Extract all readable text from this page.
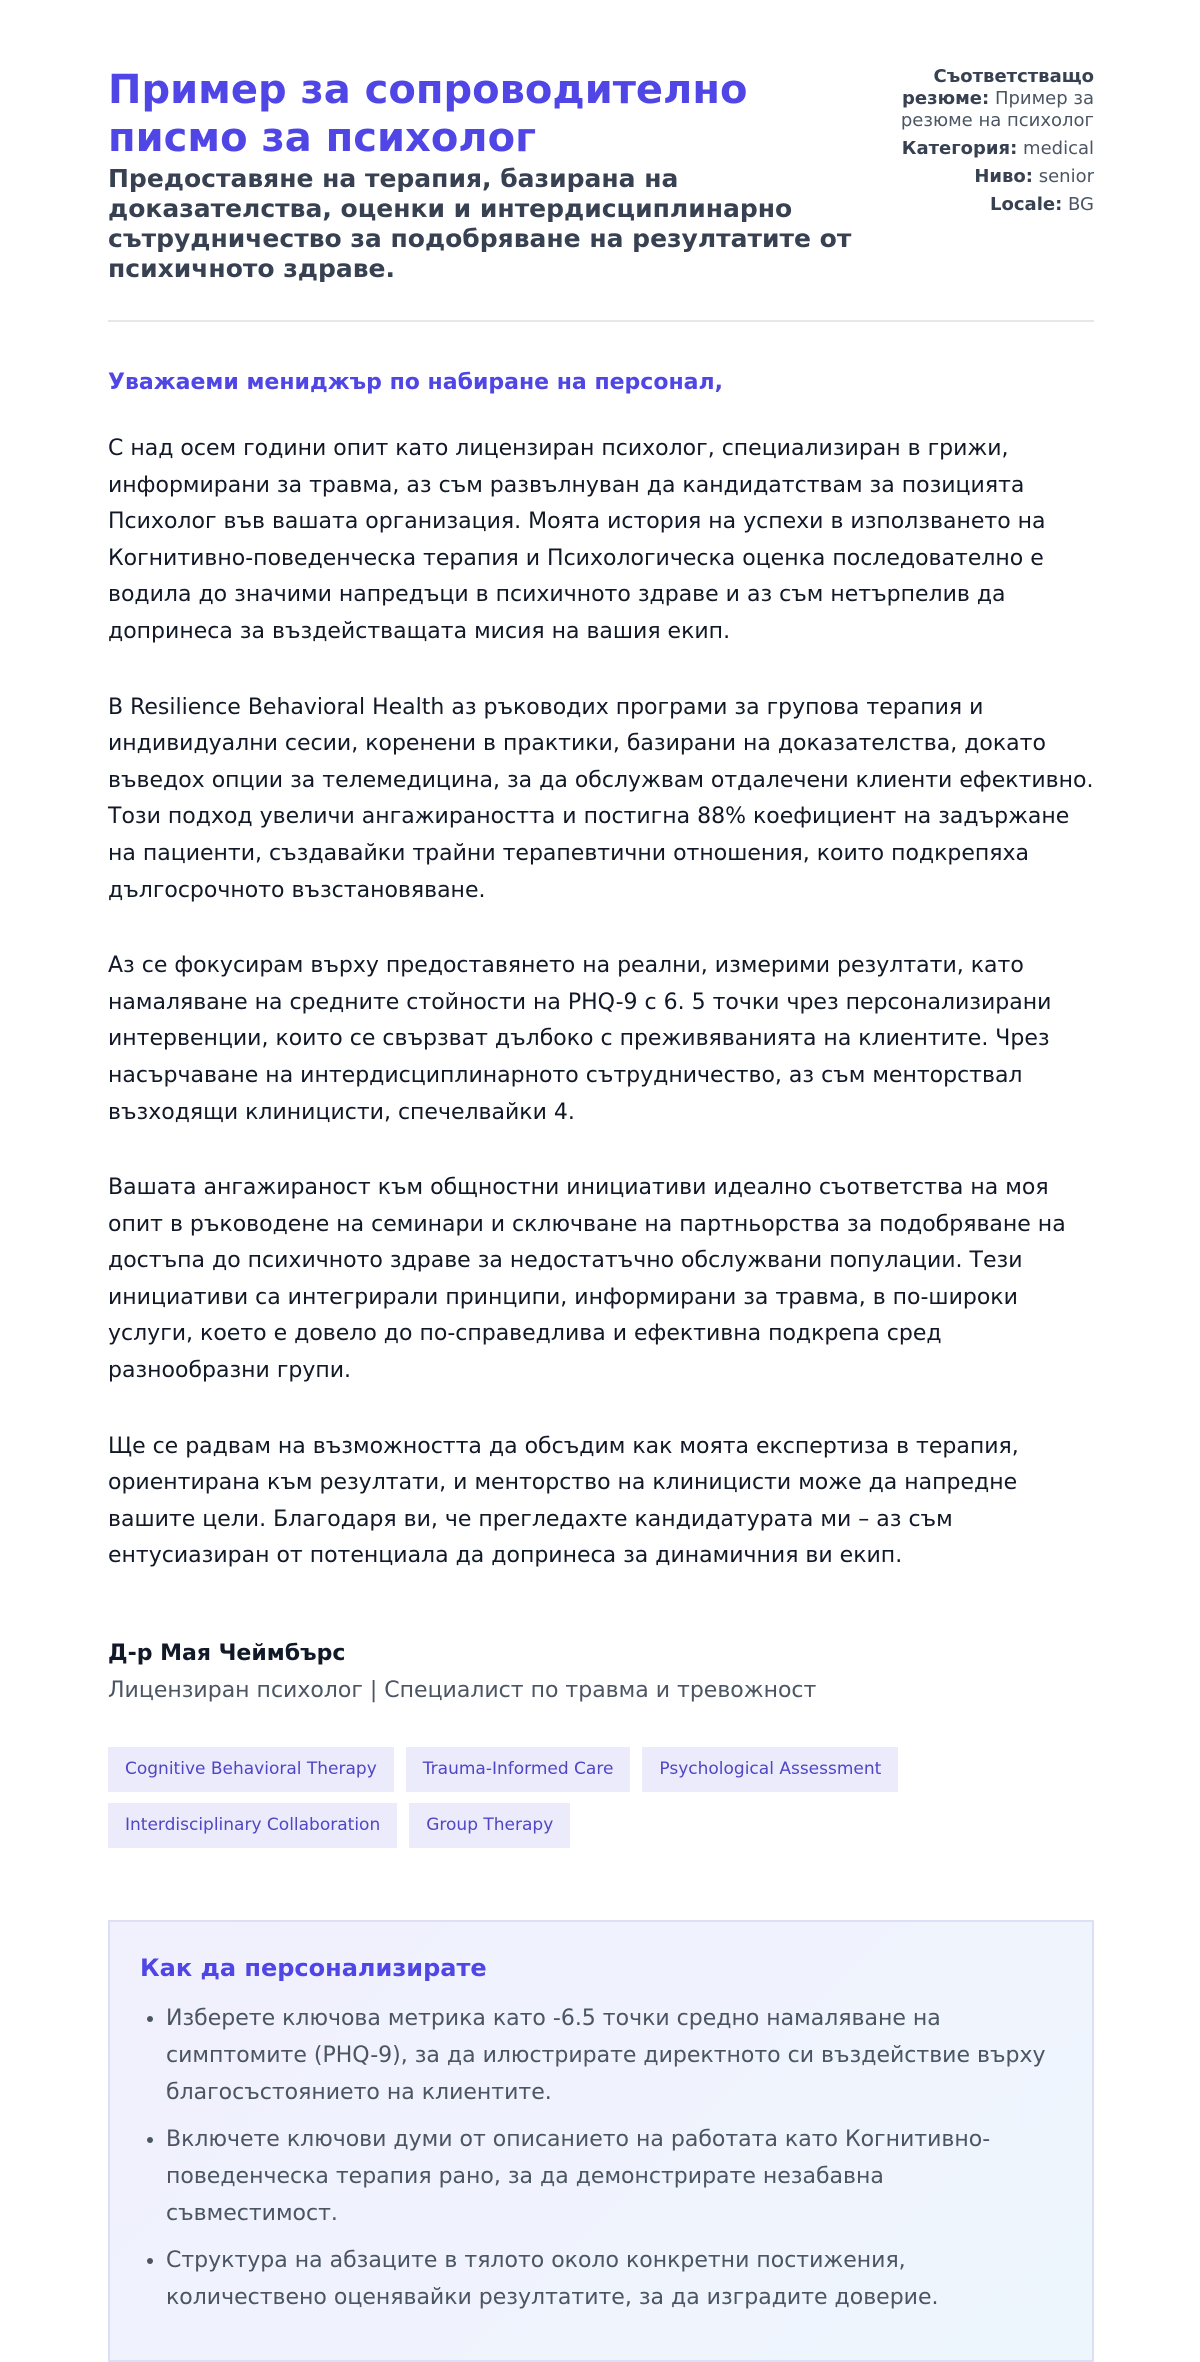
Пример за сопроводително писмо за психолог
Предоставяне на терапия, базирана на доказателства, оценки и интердисциплинарно сътрудничество за подобряване на резултатите от психичното здраве.
Съответстващо резюме: Пример за резюме на психолог
Категория: medical
Ниво: senior
Locale: BG
Уважаеми мениджър по набиране на персонал,

С над осем години опит като лицензиран психолог, специализиран в грижи, информирани за травма, аз съм развълнуван да кандидатствам за позицията Психолог във вашата организация. Моята история на успехи в използването на Когнитивно-поведенческа терапия и Психологическа оценка последователно е водила до значими напредъци в психичното здраве и аз съм нетърпелив да допринеса за въздействащата мисия на вашия екип.

В Resilience Behavioral Health аз ръководих програми за групова терапия и индивидуални сесии, коренени в практики, базирани на доказателства, докато въведох опции за телемедицина, за да обслужвам отдалечени клиенти ефективно. Този подход увеличи ангажираността и постигна 88% коефициент на задържане на пациенти, създавайки трайни терапевтични отношения, които подкрепяха дългосрочното възстановяване.

Аз се фокусирам върху предоставянето на реални, измерими резултати, като намаляване на средните стойности на PHQ-9 с 6. 5 точки чрез персонализирани интервенции, които се свързват дълбоко с преживяванията на клиентите. Чрез насърчаване на интердисциплинарното сътрудничество, аз съм менторствал възходящи клиницисти, спечелвайки 4.

Вашата ангажираност към общностни инициативи идеално съответства на моя опит в ръководене на семинари и сключване на партньорства за подобряване на достъпа до психичното здраве за недостатъчно обслужвани популации. Тези инициативи са интегрирали принципи, информирани за травма, в по-широки услуги, което е довело до по-справедлива и ефективна подкрепа сред разнообразни групи.

Ще се радвам на възможността да обсъдим как моята експертиза в терапия, ориентирана към резултати, и менторство на клиницисти може да напредне вашите цели. Благодаря ви, че прегледахте кандидатурата ми – аз съм ентусиазиран от потенциала да допринеса за динамичния ви екип.

Д-р Мая Чеймбърс
Лицензиран психолог | Специалист по травма и тревожност
Cognitive Behavioral Therapy	Trauma-Informed Care	Psychological Assessment
Interdisciplinary Collaboration	Group Therapy
Как да персонализирате
• Изберете ключова метрика като -6.5 точки средно намаляване на симптомите (PHQ-9), за да илюстрирате директното си въздействие върху благосъстоянието на клиентите.
• Включете ключови думи от описанието на работата като Когнитивно-поведенческа терапия рано, за да демонстрирате незабавна съвместимост.
• Структура на абзаците в тялото около конкретни постижения, количествено оценявайки резултатите, за да изградите доверие.
